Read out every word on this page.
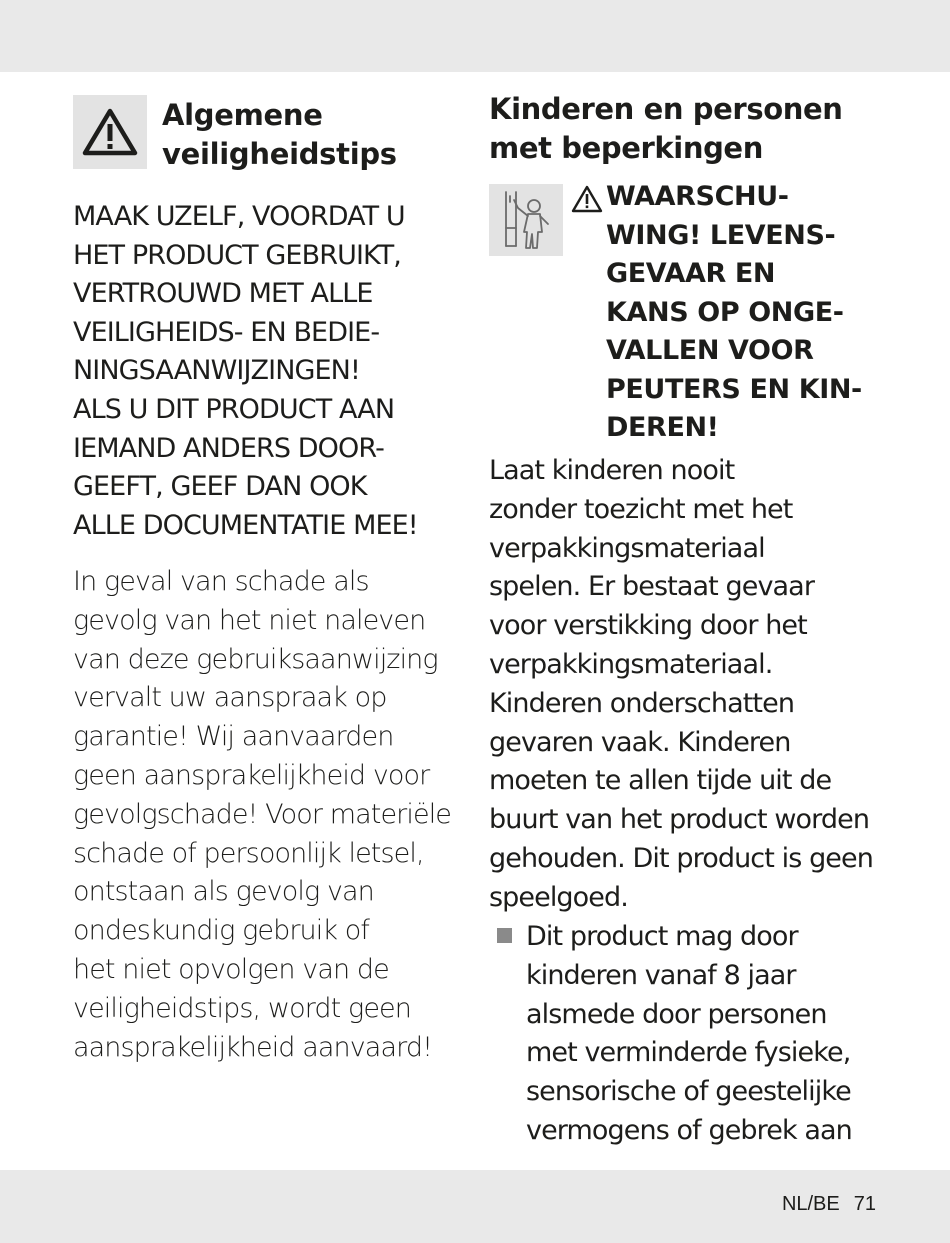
Algemene
veiligheidstips
MAAK UZELF, VOORDAT U
HET PRODUCT GEBRUIKT,
VERTROUWD MET ALLE
VEILIGHEIDS- EN BEDIE-
NINGSAANWIJZINGEN!
ALS U DIT PRODUCT AAN
IEMAND ANDERS DOOR-
GEEFT, GEEF DAN OOK
ALLE DOCUMENTATIE MEE!
In geval van schade als
gevolg van het niet naleven
van deze gebruiksaanwijzing
vervalt uw aanspraak op
garantie! Wij aanvaarden
geen aansprakelijkheid voor
gevolgschade! Voor materiële
schade of persoonlijk letsel,
ontstaan als gevolg van
ondeskundig gebruik of
het niet opvolgen van de
veiligheidstips, wordt geen
aansprakelijkheid aanvaard!
Kinderen en personen
met beperkingen
WAARSCHU-
WING! LEVENS-
GEVAAR EN
KANS OP ONGE-
VALLEN VOOR
PEUTERS EN KIN-
DEREN!
Laat kinderen nooit
zonder toezicht met het
verpakkingsmateriaal
spelen. Er bestaat gevaar
voor verstikking door het
verpakkingsmateriaal.
Kinderen onderschatten
gevaren vaak. Kinderen
moeten te allen tijde uit de
buurt van het product worden
gehouden. Dit product is geen
speelgoed.
Dit product mag door
kinderen vanaf 8 jaar
alsmede door personen
met verminderde fysieke,
sensorische of geestelijke
vermogens of gebrek aan
NL/BE 71
